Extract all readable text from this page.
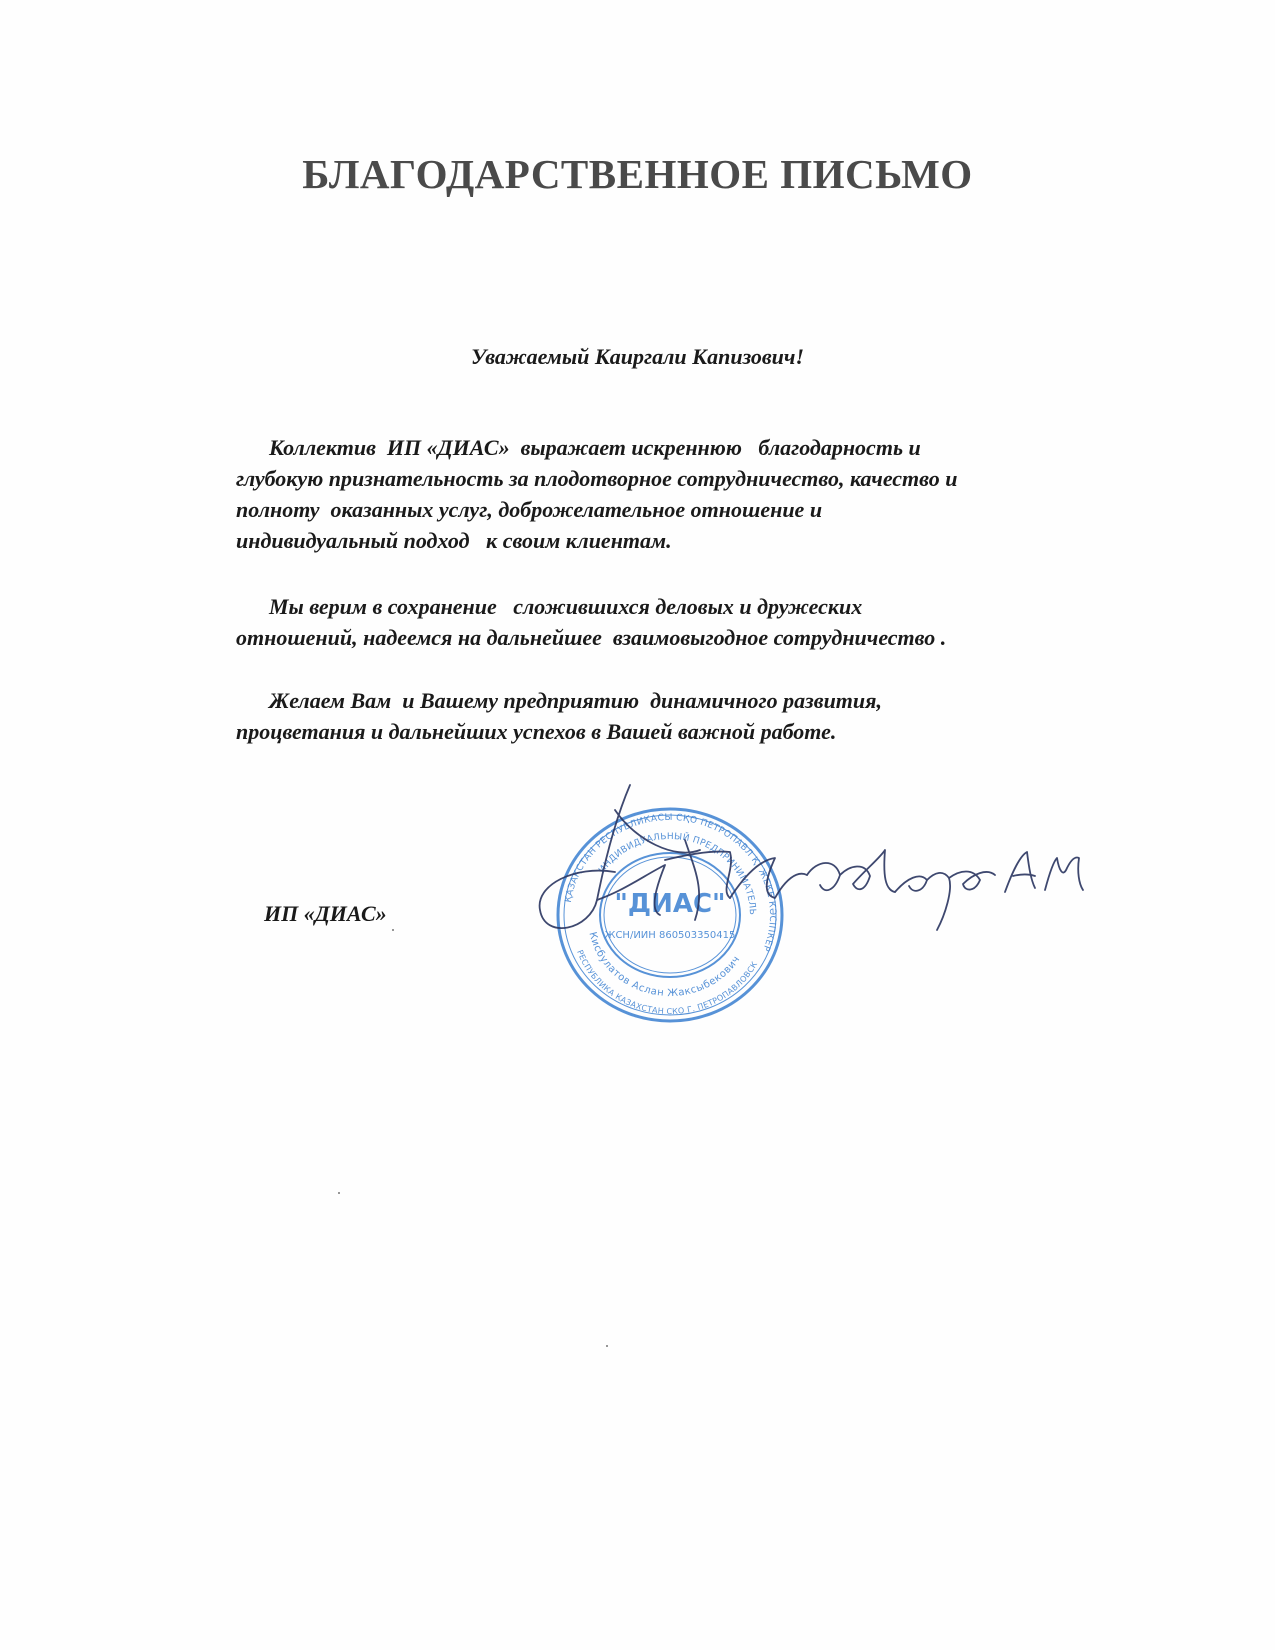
БЛАГОДАРСТВЕННОЕ ПИСЬМО

Уважаемый Каиргали Капизович!

Коллектив  ИП «ДИАС»  выражает искреннюю   благодарность и
глубокую признательность за плодотворное сотрудничество, качество и
полноту  оказанных услуг, доброжелательное отношение и
индивидуальный подход   к своим клиентам.

Мы верим в сохранение   сложившихся деловых и дружеских
отношений, надеемся на дальнейшее  взаимовыгодное сотрудничество .

Желаем Вам  и Вашему предприятию  динамичного развития,
процветания и дальнейших успехов в Вашей важной работе.

ИП «ДИАС»

ҚАЗАҚСТАН РЕСПУБЛИКАСЫ СҚО ПЕТРОПАВЛ Қ. ЖЕКЕ КӘСІПКЕР
ИНДИВИДУАЛЬНЫЙ ПРЕДПРИНИМАТЕЛЬ
Кисбулатов Аслан Жаксыбекович
РЕСПУБЛИКА КАЗАХСТАН СКО Г. ПЕТРОПАВЛОВСК
"ДИАС"
ЖСН/ИИН 860503350415
